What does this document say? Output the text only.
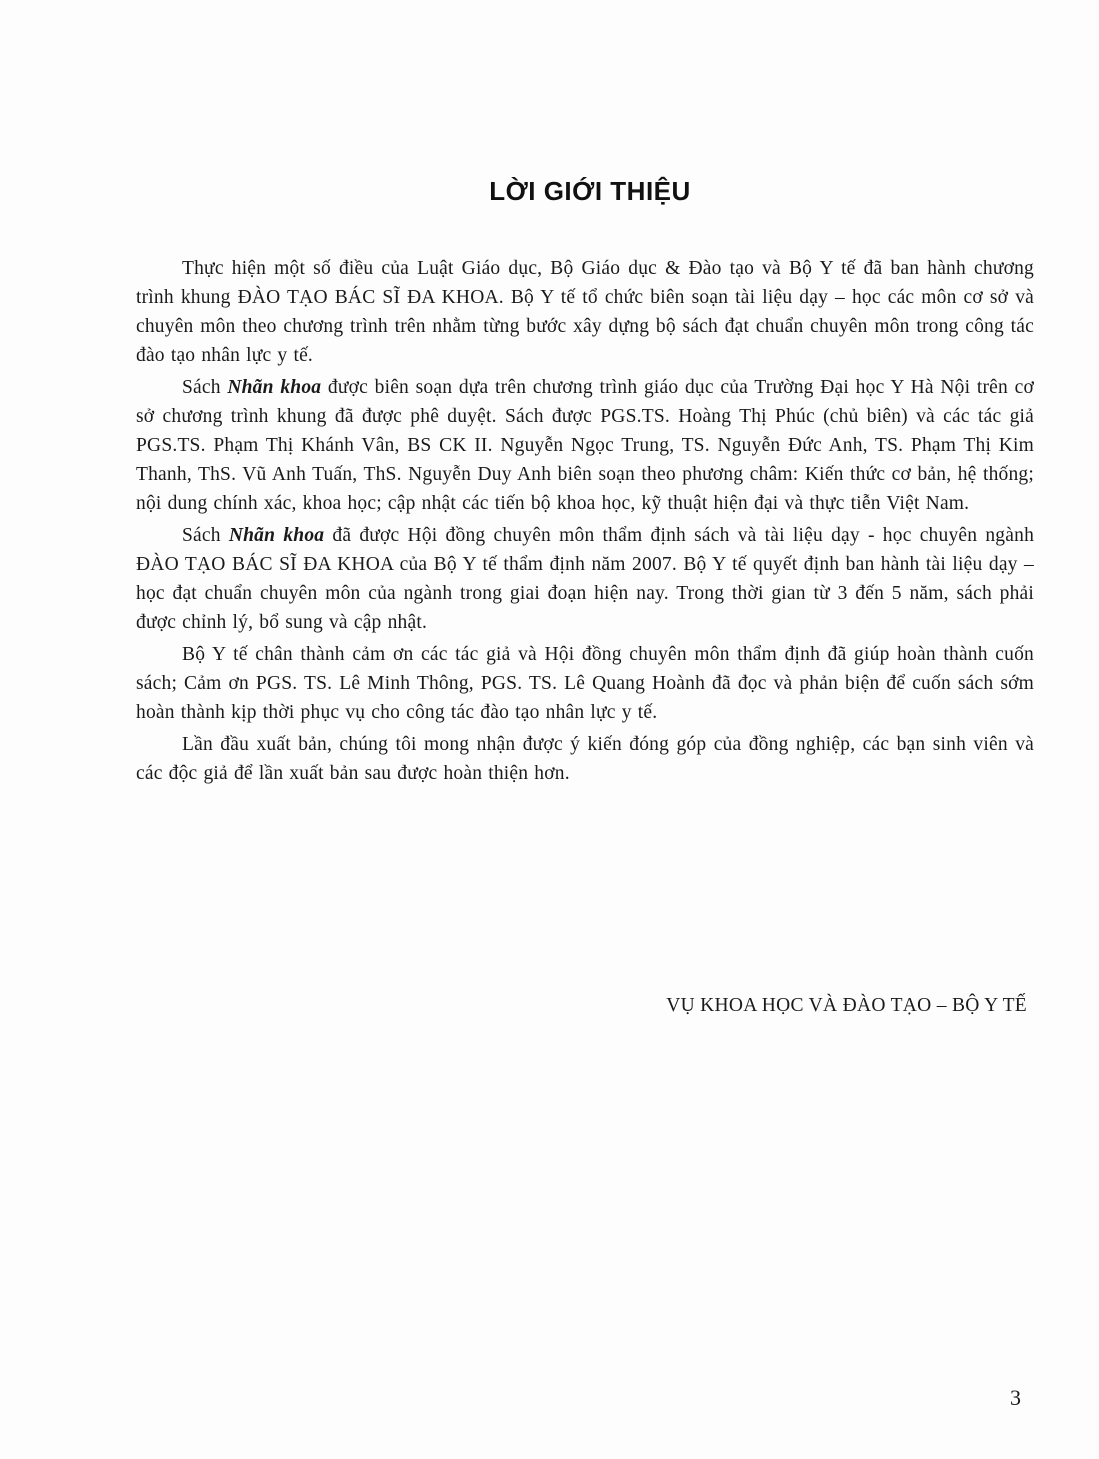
LỜI GIỚI THIỆU

Thực hiện một số điều của Luật Giáo dục, Bộ Giáo dục & Đào tạo và Bộ Y tế đã ban hành chương trình khung ĐÀO TẠO BÁC SĨ ĐA KHOA. Bộ Y tế tổ chức biên soạn tài liệu dạy – học các môn cơ sở và chuyên môn theo chương trình trên nhằm từng bước xây dựng bộ sách đạt chuẩn chuyên môn trong công tác đào tạo nhân lực y tế.

Sách Nhãn khoa được biên soạn dựa trên chương trình giáo dục của Trường Đại học Y Hà Nội trên cơ sở chương trình khung đã được phê duyệt. Sách được PGS.TS. Hoàng Thị Phúc (chủ biên) và các tác giả PGS.TS. Phạm Thị Khánh Vân, BS CK II. Nguyễn Ngọc Trung, TS. Nguyễn Đức Anh, TS. Phạm Thị Kim Thanh, ThS. Vũ Anh Tuấn, ThS. Nguyễn Duy Anh biên soạn theo phương châm: Kiến thức cơ bản, hệ thống; nội dung chính xác, khoa học; cập nhật các tiến bộ khoa học, kỹ thuật hiện đại và thực tiễn Việt Nam.

Sách Nhãn khoa đã được Hội đồng chuyên môn thẩm định sách và tài liệu dạy - học chuyên ngành ĐÀO TẠO BÁC SĨ ĐA KHOA của Bộ Y tế thẩm định năm 2007. Bộ Y tế quyết định ban hành tài liệu dạy – học đạt chuẩn chuyên môn của ngành trong giai đoạn hiện nay. Trong thời gian từ 3 đến 5 năm, sách phải được chỉnh lý, bổ sung và cập nhật.

Bộ Y tế chân thành cảm ơn các tác giả và Hội đồng chuyên môn thẩm định đã giúp hoàn thành cuốn sách; Cảm ơn PGS. TS. Lê Minh Thông, PGS. TS. Lê Quang Hoành đã đọc và phản biện để cuốn sách sớm hoàn thành kịp thời phục vụ cho công tác đào tạo nhân lực y tế.

Lần đầu xuất bản, chúng tôi mong nhận được ý kiến đóng góp của đồng nghiệp, các bạn sinh viên và các độc giả để lần xuất bản sau được hoàn thiện hơn.

VỤ KHOA HỌC VÀ ĐÀO TẠO – BỘ Y TẾ
3
